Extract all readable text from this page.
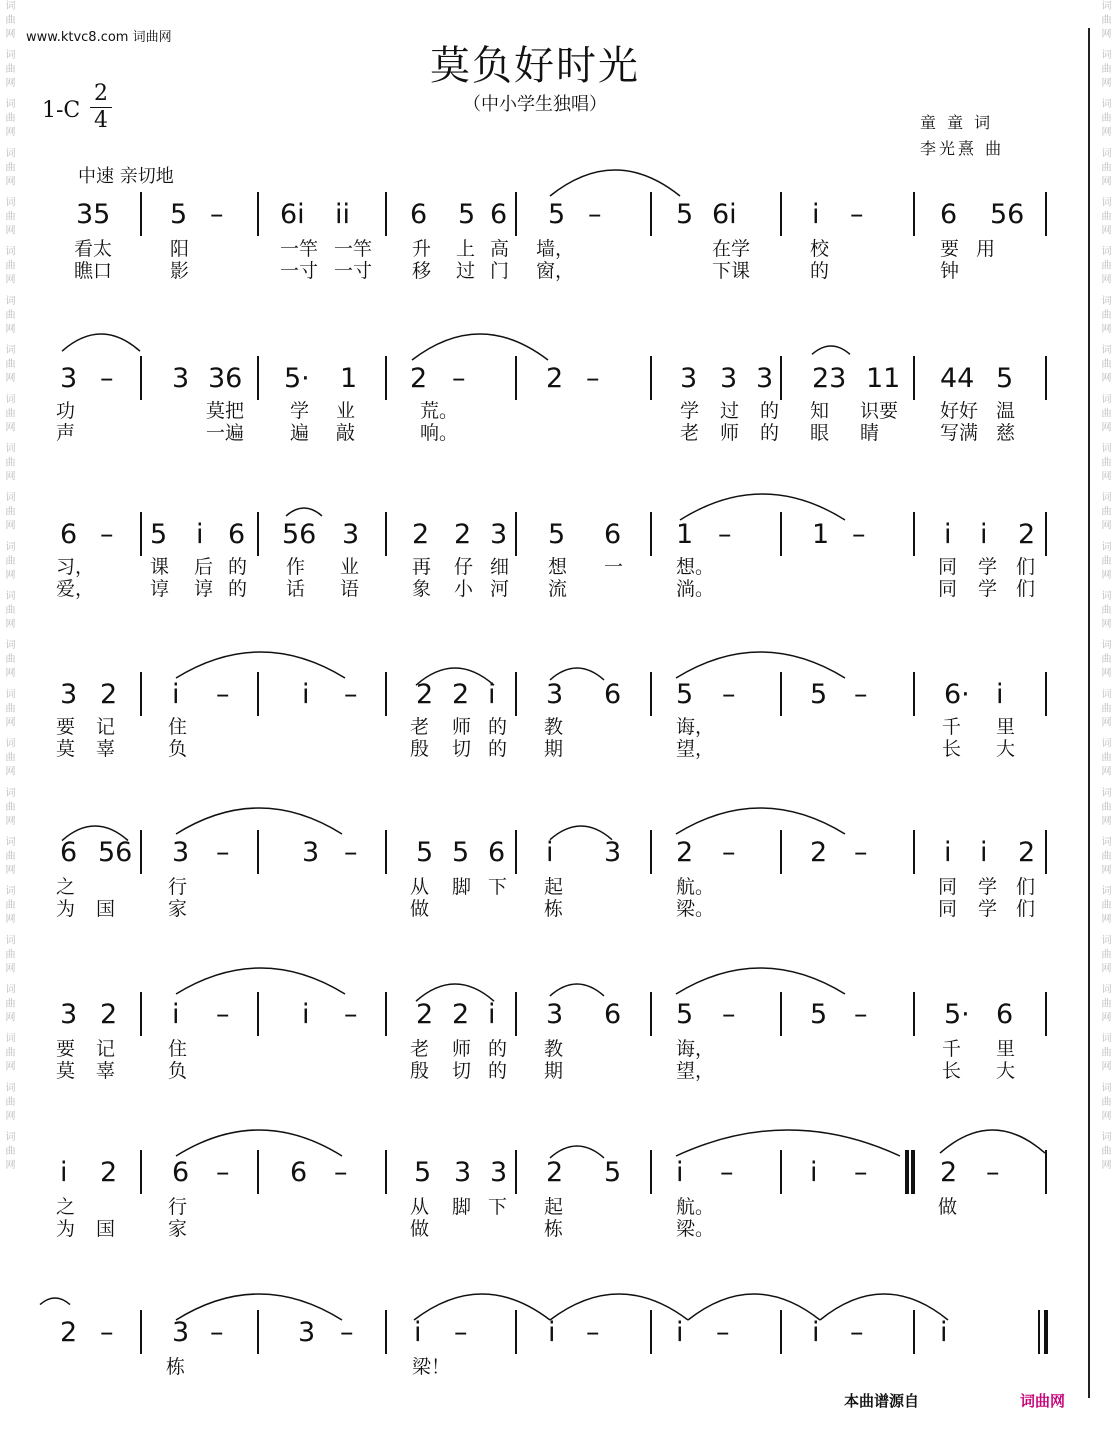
词曲网 词曲网 词曲网 词曲网 词曲网 词曲网 词曲网 词曲网 词曲网 词曲网 词曲网 词曲网 词曲网 词曲网 词曲网 词曲网 词曲网 词曲网 词曲网 词曲网 词曲网 词曲网 词曲网 词曲网
词曲网 词曲网 词曲网 词曲网 词曲网 词曲网 词曲网 词曲网 词曲网 词曲网 词曲网 词曲网 词曲网 词曲网 词曲网 词曲网 词曲网 词曲网 词曲网 词曲网 词曲网 词曲网 词曲网 词曲网
www.ktvc8.com 词曲网
莫负好时光
（中小学生独唱）
1-C
2
4	童 童 词
李光熹 曲
中速 亲切地
35 5 – 6i ii 6 5 6 5 –	5 6i	i –	6 56
看太	阳	一竿 一竿 升 上 高 墙，	在学	校	要 用
瞧口	影	一寸 一寸 移 过 门 窗，	下课	的	钟
3 – 3 36 5· 1 2 –	2 –	3 3 3 23 11 44 5
功	莫把 学 业	荒。	学 过 的 知 识要 好好 温
声	一遍 遍 敲	响。	老 师 的 眼 睛	写满 慈
6 – 5 i 6 56 3 2 2 3 5 6 1 –	1 –	i i 2
习，	课 后 的 作 业	再 仔 细 想 一	想。	同 学 们
爱，	谆 谆 的 话 语	象 小 河 流	淌。	同 学 们
3 2 i –	i – 2 2 i 3 6 5 –	5 –	6· i
要 记	住	老 师 的 教	诲，	千 里
莫 辜	负	殷 切 的 期	望，	长 大
6 56 3 –	3 – 5 5 6 i 3 2 –	2 –	i i 2
之	行	从 脚 下 起	航。	同 学 们
为 国	家	做	栋	梁。	同 学 们
3 2 i –	i – 2 2 i 3 6 5 –	5 –	5· 6
要 记	住	老 师 的 教	诲，	千 里
莫 辜	负	殷 切 的 期	望，	长 大
i 2 6 – 6 – 5 3 3 2 5 i –	i –	2 –
之	行	从 脚 下 起	航。	做
为 国	家	做	栋	梁。
2 – 3 –	3 – i –	i –	i –	i –	i
栋	梁！
本曲谱源自	词曲网
